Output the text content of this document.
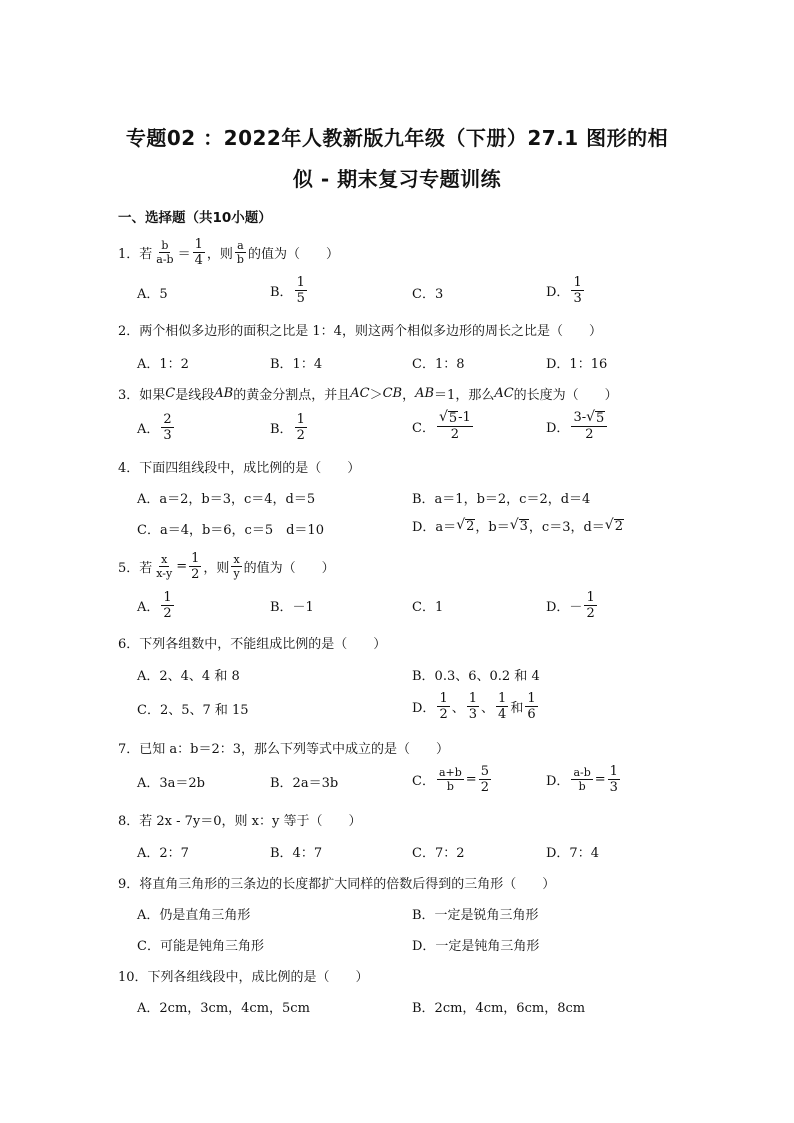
专题02 ：2022年人教新版九年级（下册）27.1 图形的相
似 - 期末复习专题训练
一、选择题（共10小题）
1．若 $\frac{b}{a-b} = \frac{1}{4}$ ，则 $\frac{a}{b}$ 的值为（　　）
A．5	B． $\frac{1}{5}$	C．3	D． $\frac{1}{3}$
2．两个相似多边形的面积之比是 1：4，则这两个相似多边形的周长之比是（　　）
A．1：2	B．1：4	C．1：8	D．1：16
3．如果 C 是线段 AB 的黄金分割点，并且 AC ＞ CB ， AB ＝1，那么 AC 的长度为（　　）
A． $\frac{2}{3}$	B． $\frac{1}{2}$	C． $\frac{√ 5 -1}{2}$	D． $\frac{3- √ 5}{2}$
4．下面四组线段中，成比例的是（　　）
A．a＝2，b＝3，c＝4，d＝5	B．a＝1，b＝2，c＝2，d＝4
C．a＝4，b＝6，c＝5　d＝10	D．a＝ √ 2 ，b＝ √ 3 ，c＝3，d＝ √ 2
5．若 $\frac{x}{x-y} = \frac{1}{2}$ ，则 $\frac{x}{y}$ 的值为（　　）
A． $\frac{1}{2}$	B．－1	C．1	D．－ $\frac{1}{2}$
6．下列各组数中，不能组成比例的是（　　）
A．2、4、4 和 8	B．0.3、6、0.2 和 4
C．2、5、7 和 15	D． $\frac{1}{2}$ 、 $\frac{1}{3}$ 、 $\frac{1}{4}$ 和 $\frac{1}{6}$
7．已知 a：b＝2：3，那么下列等式中成立的是（　　）
A．3a＝2b	B．2a＝3b	C． $\frac{a+b}{b} = \frac{5}{2}$	D． $\frac{a-b}{b} = \frac{1}{3}$
8．若 2x - 7y＝0，则 x：y 等于（　　）
A．2：7	B．4：7	C．7：2	D．7：4
9．将直角三角形的三条边的长度都扩大同样的倍数后得到的三角形（　　）
A．仍是直角三角形	B．一定是锐角三角形
C．可能是钝角三角形	D．一定是钝角三角形
10．下列各组线段中，成比例的是（　　）
A．2cm，3cm，4cm，5cm	B．2cm，4cm，6cm，8cm
